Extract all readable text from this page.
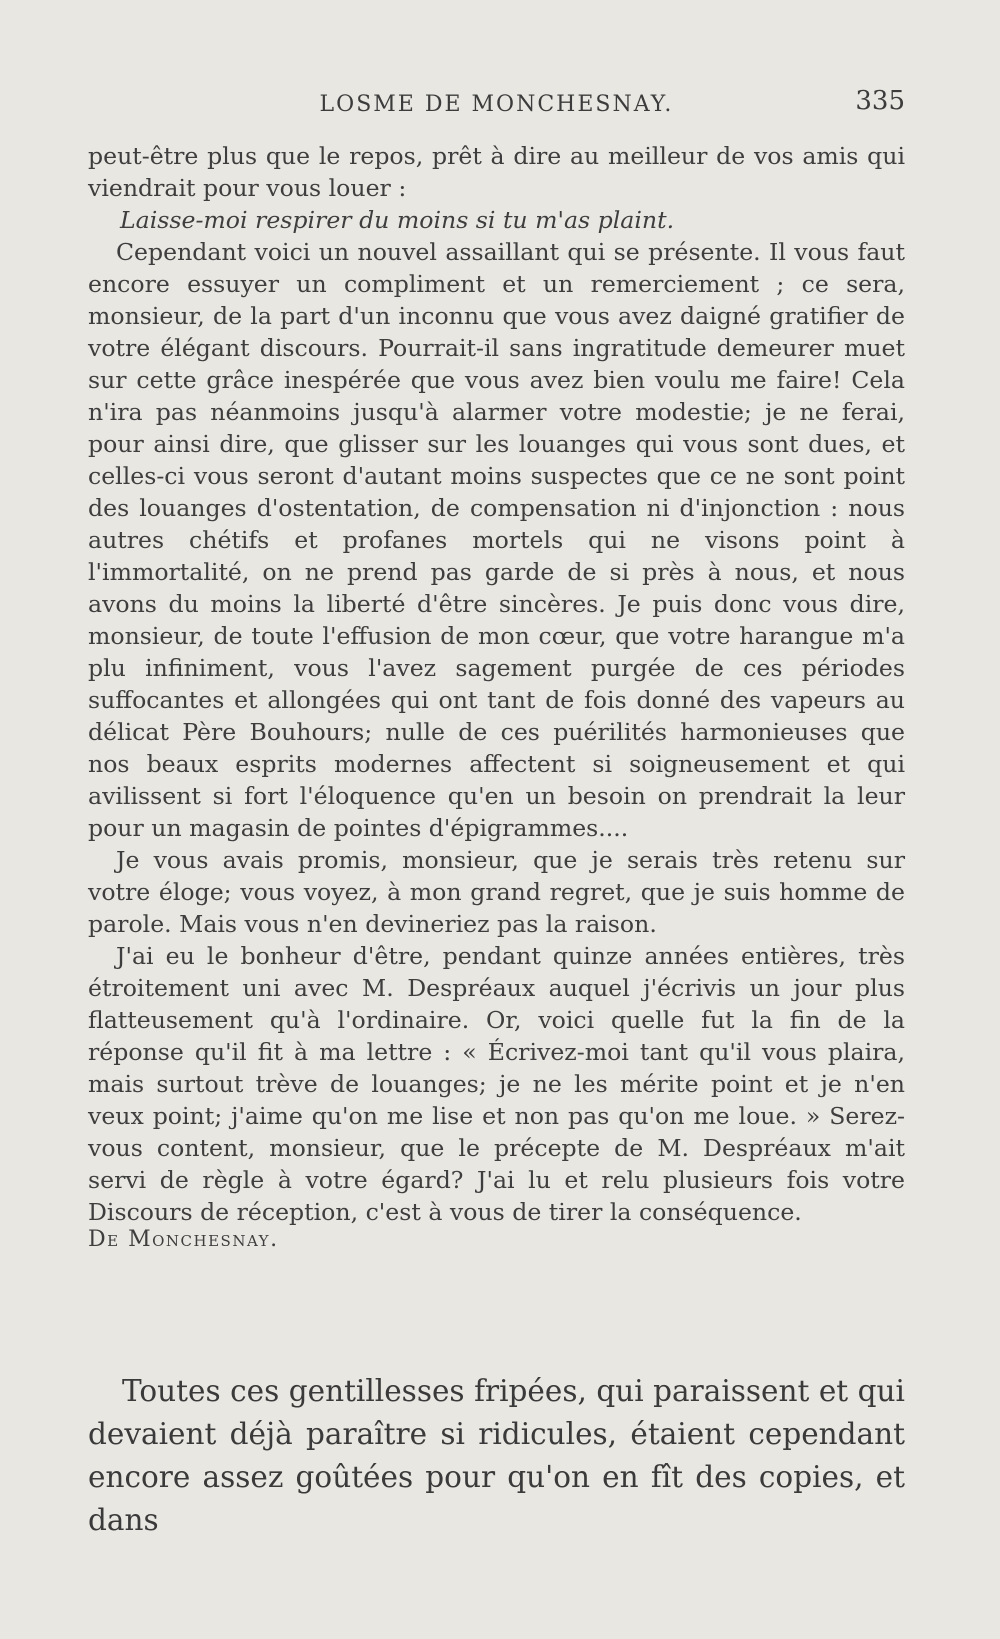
LOSME DE MONCHESNAY.	335

peut-être plus que le repos, prêt à dire au meilleur de vos amis qui viendrait pour vous louer :

Laisse-moi respirer du moins si tu m'as plaint.

Cependant voici un nouvel assaillant qui se présente. Il vous faut encore essuyer un compliment et un remerciement ; ce sera, monsieur, de la part d'un inconnu que vous avez daigné gratifier de votre élégant discours. Pourrait-il sans ingratitude demeurer muet sur cette grâce inespérée que vous avez bien voulu me faire! Cela n'ira pas néanmoins jusqu'à alarmer votre modestie; je ne ferai, pour ainsi dire, que glisser sur les louanges qui vous sont dues, et celles-ci vous seront d'autant moins suspectes que ce ne sont point des louanges d'ostentation, de compensation ni d'injonction : nous autres chétifs et profanes mortels qui ne visons point à l'immortalité, on ne prend pas garde de si près à nous, et nous avons du moins la liberté d'être sincères. Je puis donc vous dire, monsieur, de toute l'effusion de mon cœur, que votre harangue m'a plu infiniment, vous l'avez sagement purgée de ces périodes suffocantes et allongées qui ont tant de fois donné des vapeurs au délicat Père Bouhours; nulle de ces puérilités harmonieuses que nos beaux esprits modernes affectent si soigneusement et qui avilissent si fort l'éloquence qu'en un besoin on prendrait la leur pour un magasin de pointes d'épigrammes....

Je vous avais promis, monsieur, que je serais très retenu sur votre éloge; vous voyez, à mon grand regret, que je suis homme de parole. Mais vous n'en devineriez pas la raison.

J'ai eu le bonheur d'être, pendant quinze années entières, très étroitement uni avec M. Despréaux auquel j'écrivis un jour plus flatteusement qu'à l'ordinaire. Or, voici quelle fut la fin de la réponse qu'il fit à ma lettre : « Écrivez-moi tant qu'il vous plaira, mais surtout trève de louanges; je ne les mérite point et je n'en veux point; j'aime qu'on me lise et non pas qu'on me loue. » Serez-vous content, monsieur, que le précepte de M. Despréaux m'ait servi de règle à votre égard? J'ai lu et relu plusieurs fois votre Discours de réception, c'est à vous de tirer la conséquence.

De Monchesnay.

Toutes ces gentillesses fripées, qui paraissent et qui devaient déjà paraître si ridicules, étaient cependant encore assez goûtées pour qu'on en fît des copies, et dans
